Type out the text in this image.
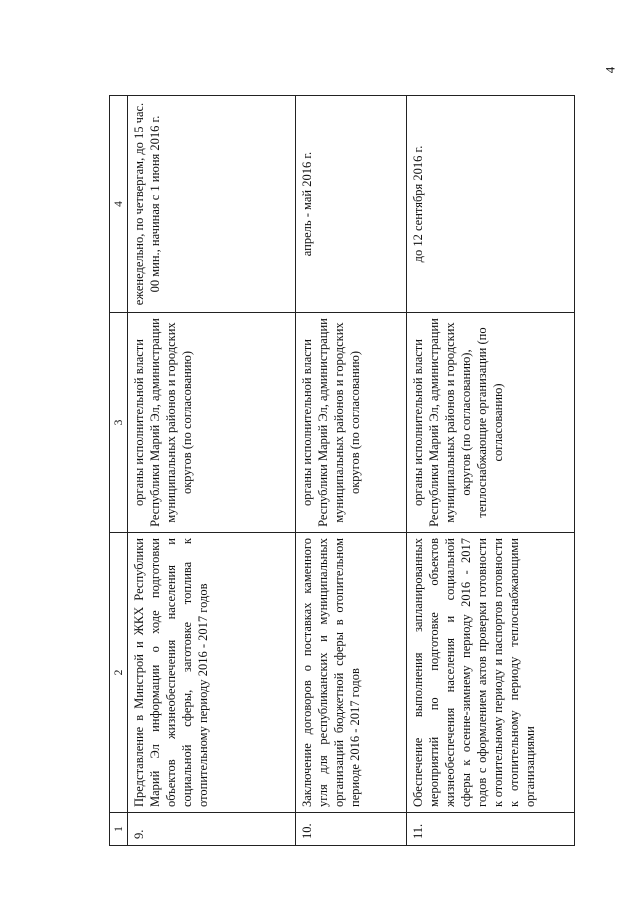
4
1	2	3	4
9.	Представление в Минстрой и ЖКХ Республики Марий Эл информации о ходе подготовки объектов жизнеобеспечения населения и социальной сферы, заготовке топлива к отопительному периоду 2016 - 2017 годов	органы исполнительной власти Республики Марий Эл, администрации муниципальных районов и городских округов (по согласованию)	еженедельно, по четвергам, до 15 час. 00 мин., начиная с 1 июня 2016 г.
10.	Заключение договоров о поставках каменного угля для республиканских и муниципальных организаций бюджетной сферы в отопительном периоде 2016 - 2017 годов	органы исполнительной власти Республики Марий Эл, администрации муниципальных районов и городских округов (по согласованию)	апрель - май 2016 г.
11.	Обеспечение выполнения запланированных мероприятий по подготовке объектов жизнеобеспечения населения и социальной сферы к осенне-зимнему периоду 2016 - 2017 годов с оформлением актов проверки готовности к отопительному периоду и паспортов готовности к отопительному периоду теплоснабжающими организациями	органы исполнительной власти Республики Марий Эл, администрации муниципальных районов и городских округов (по согласованию), теплоснабжающие организации (по согласованию)	до 12 сентября 2016 г.
